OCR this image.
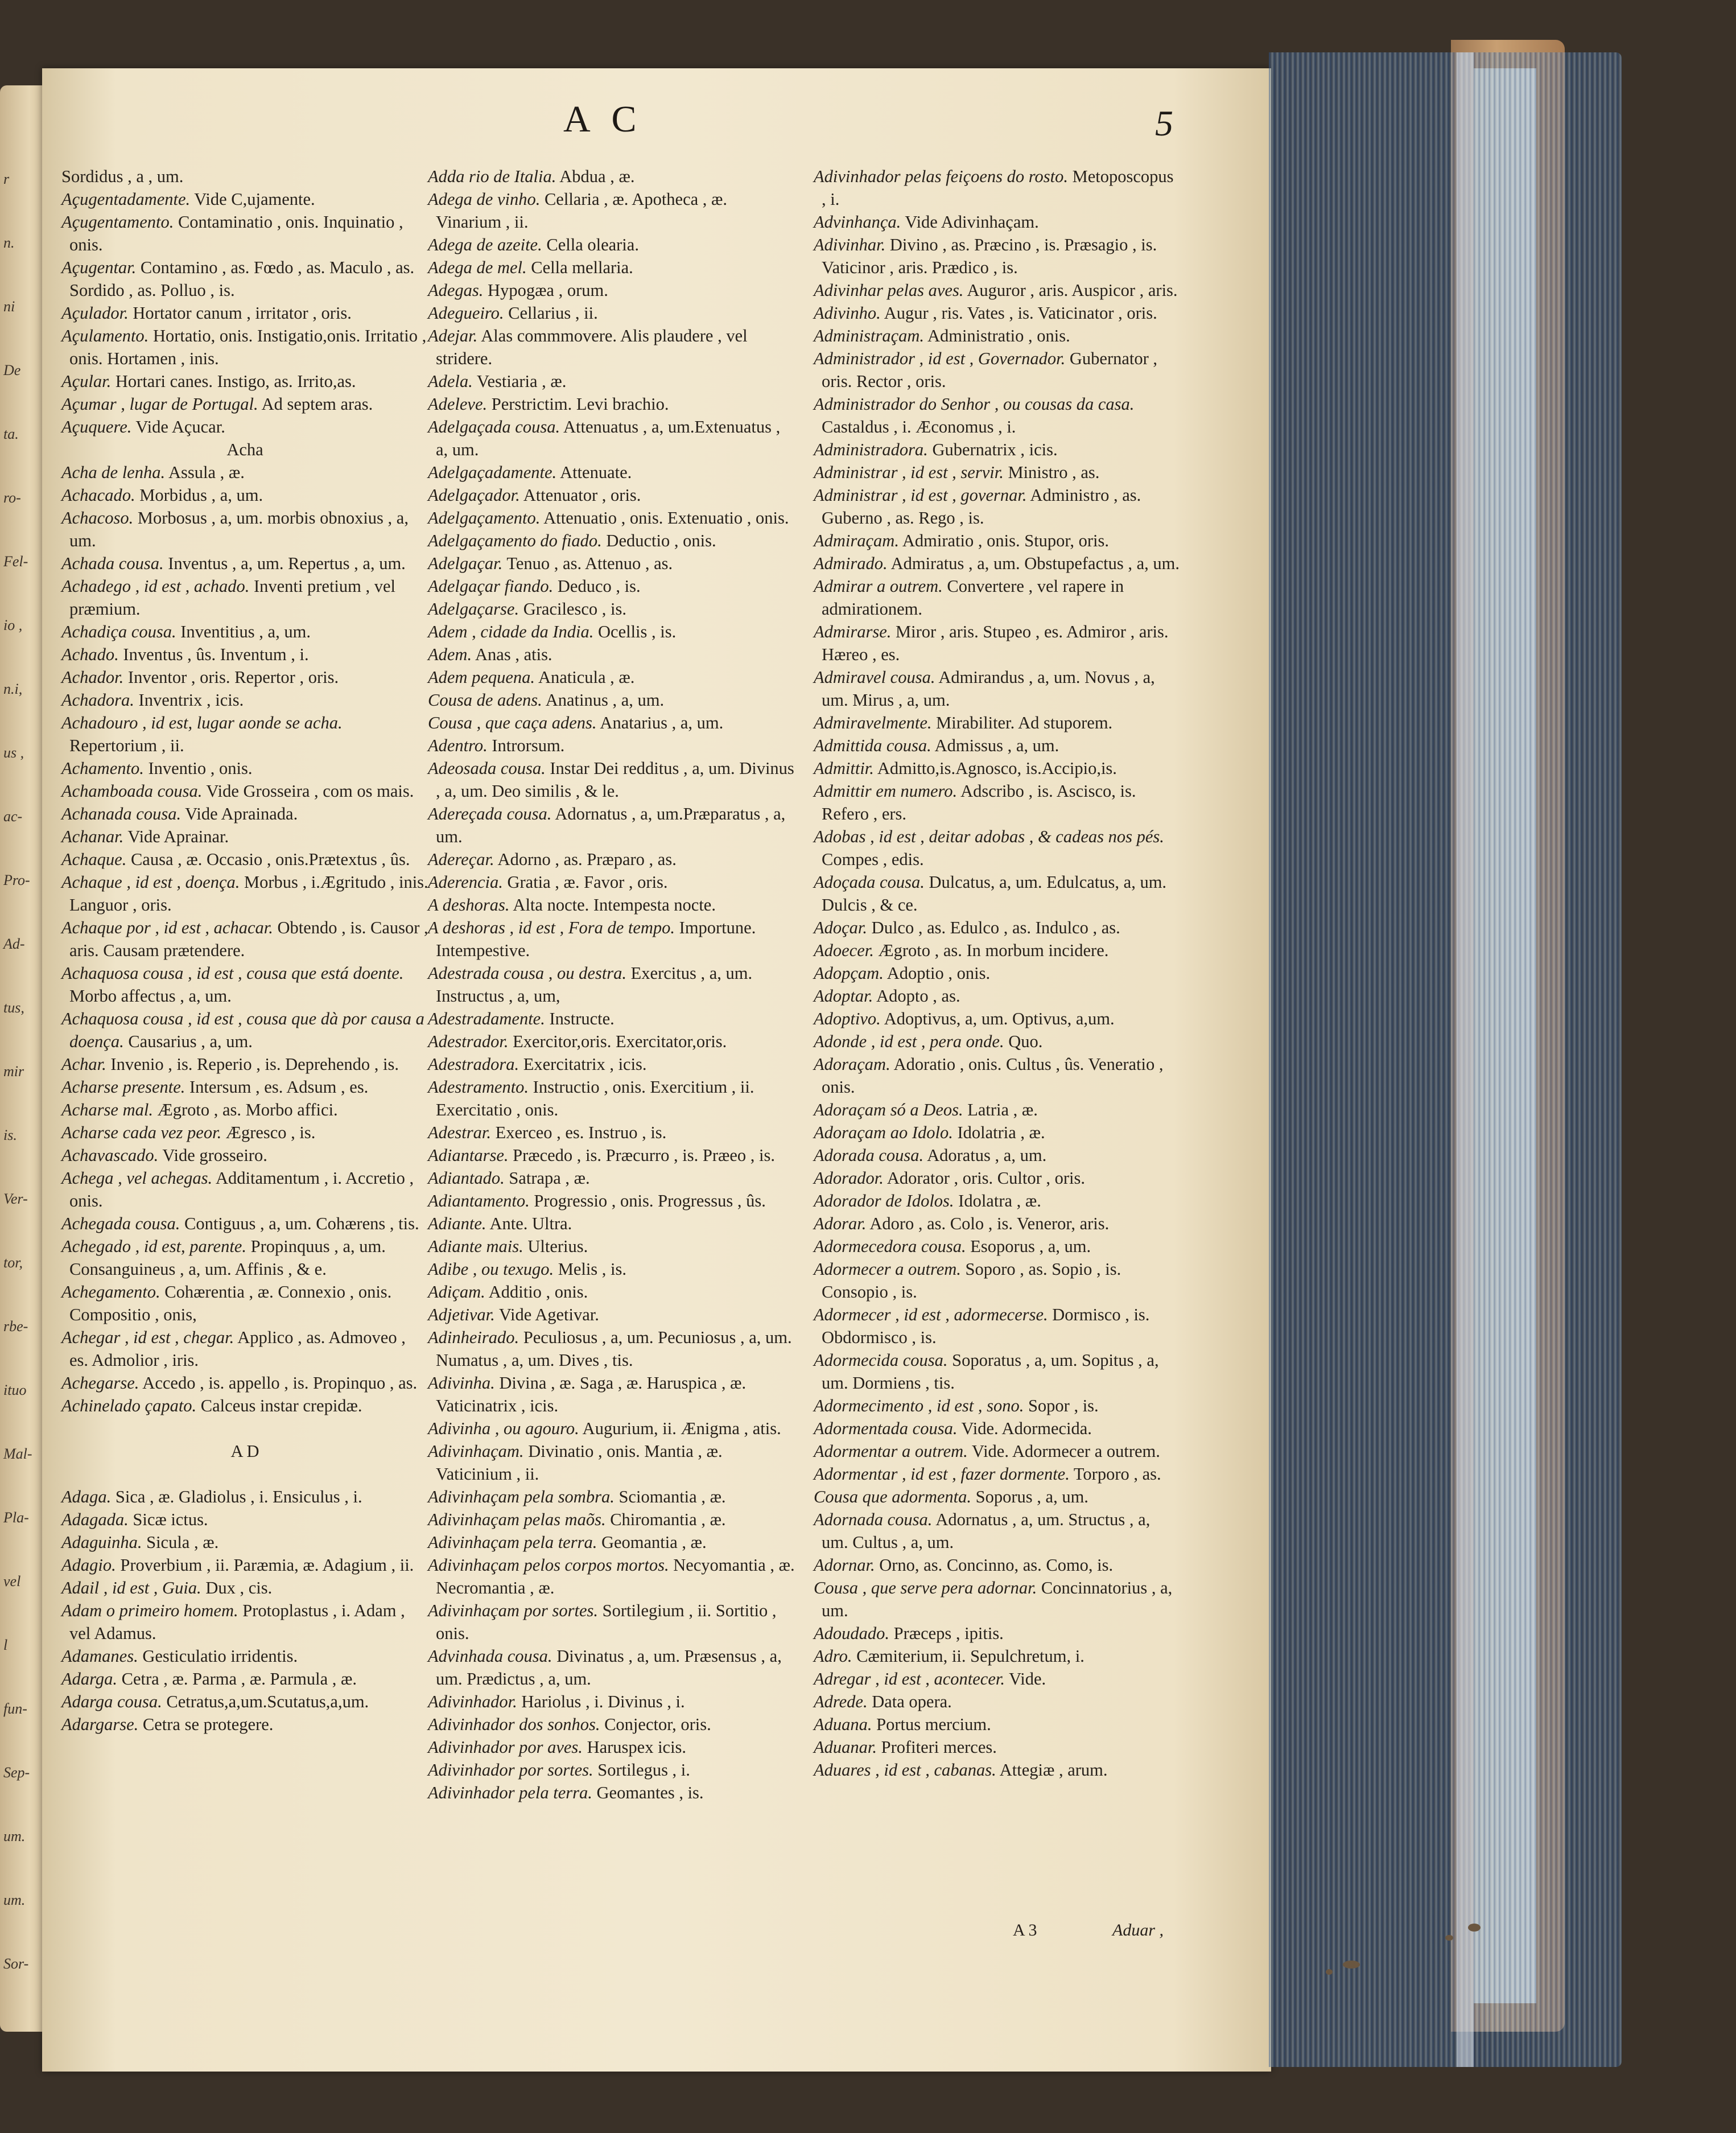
r
n.
ni
De
ta.
ro-
Fel-
io ,
n.i,
us ,
ac-
Pro-
Ad-
tus,
mir
is.
Ver-
tor,
rbe-
ituo
Mal-
Pla-
vel
l
fun-
Sep-
um.
um.
Sor-
A C	5

Sordidus , a , um.

Açugentadamente. Vide C,ujamente.

Açugentamento. Contaminatio , onis. Inquinatio , onis.

Açugentar. Contamino , as. Fœdo , as. Maculo , as. Sordido , as. Polluo , is.

Açulador. Hortator canum , irritator , oris.

Açulamento. Hortatio, onis. Instigatio,onis. Irritatio , onis. Hortamen , inis.

Açular. Hortari canes. Instigo, as. Irrito,as.

Açumar , lugar de Portugal. Ad septem aras.

Açuquere. Vide Açucar.

Acha

Acha de lenha. Assula , æ.

Achacado. Morbidus , a, um.

Achacoso. Morbosus , a, um. morbis obnoxius , a, um.

Achada cousa. Inventus , a, um. Repertus , a, um.

Achadego , id est , achado. Inventi pretium , vel præmium.

Achadiça cousa. Inventitius , a, um.

Achado. Inventus , ûs. Inventum , i.

Achador. Inventor , oris. Repertor , oris.

Achadora. Inventrix , icis.

Achadouro , id est, lugar aonde se acha. Repertorium , ii.

Achamento. Inventio , onis.

Achamboada cousa. Vide Grosseira , com os mais.

Achanada cousa. Vide Aprainada.

Achanar. Vide Aprainar.

Achaque. Causa , æ. Occasio , onis.Prætextus , ûs.

Achaque , id est , doença. Morbus , i.Ægritudo , inis. Languor , oris.

Achaque por , id est , achacar. Obtendo , is. Causor , aris. Causam prætendere.

Achaquosa cousa , id est , cousa que está doente. Morbo affectus , a, um.

Achaquosa cousa , id est , cousa que dà por causa a doença. Causarius , a, um.

Achar. Invenio , is. Reperio , is. Deprehendo , is.

Acharse presente. Intersum , es. Adsum , es.

Acharse mal. Ægroto , as. Morbo affici.

Acharse cada vez peor. Ægresco , is.

Achavascado. Vide grosseiro.

Achega , vel achegas. Additamentum , i. Accretio , onis.

Achegada cousa. Contiguus , a, um. Cohærens , tis.

Achegado , id est, parente. Propinquus , a, um. Consanguineus , a, um. Affinis , & e.

Achegamento. Cohærentia , æ. Connexio , onis. Compositio , onis,

Achegar , id est , chegar. Applico , as. Admoveo , es. Admolior , iris.

Achegarse. Accedo , is. appello , is. Propinquo , as.

Achinelado çapato. Calceus instar crepidæ.

A D

Adaga. Sica , æ. Gladiolus , i. Ensiculus , i.

Adagada. Sicæ ictus.

Adaguinha. Sicula , æ.

Adagio. Proverbium , ii. Paræmia, æ. Adagium , ii.

Adail , id est , Guia. Dux , cis.

Adam o primeiro homem. Protoplastus , i. Adam , vel Adamus.

Adamanes. Gesticulatio irridentis.

Adarga. Cetra , æ. Parma , æ. Parmula , æ.

Adarga cousa. Cetratus,a,um.Scutatus,a,um.

Adargarse. Cetra se protegere.

Adda rio de Italia. Abdua , æ.

Adega de vinho. Cellaria , æ. Apotheca , æ. Vinarium , ii.

Adega de azeite. Cella olearia.

Adega de mel. Cella mellaria.

Adegas. Hypogæa , orum.

Adegueiro. Cellarius , ii.

Adejar. Alas commmovere. Alis plaudere , vel stridere.

Adela. Vestiaria , æ.

Adeleve. Perstrictim. Levi brachio.

Adelgaçada cousa. Attenuatus , a, um.Extenuatus , a, um.

Adelgaçadamente. Attenuate.

Adelgaçador. Attenuator , oris.

Adelgaçamento. Attenuatio , onis. Extenuatio , onis.

Adelgaçamento do fiado. Deductio , onis.

Adelgaçar. Tenuo , as. Attenuo , as.

Adelgaçar fiando. Deduco , is.

Adelgaçarse. Gracilesco , is.

Adem , cidade da India. Ocellis , is.

Adem. Anas , atis.

Adem pequena. Anaticula , æ.

Cousa de adens. Anatinus , a, um.

Cousa , que caça adens. Anatarius , a, um.

Adentro. Introrsum.

Adeosada cousa. Instar Dei redditus , a, um. Divinus , a, um. Deo similis , & le.

Adereçada cousa. Adornatus , a, um.Præparatus , a, um.

Adereçar. Adorno , as. Præparo , as.

Aderencia. Gratia , æ. Favor , oris.

A deshoras. Alta nocte. Intempesta nocte.

A deshoras , id est , Fora de tempo. Importune. Intempestive.

Adestrada cousa , ou destra. Exercitus , a, um. Instructus , a, um,

Adestradamente. Instructe.

Adestrador. Exercitor,oris. Exercitator,oris.

Adestradora. Exercitatrix , icis.

Adestramento. Instructio , onis. Exercitium , ii. Exercitatio , onis.

Adestrar. Exerceo , es. Instruo , is.

Adiantarse. Præcedo , is. Præcurro , is. Præeo , is.

Adiantado. Satrapa , æ.

Adiantamento. Progressio , onis. Progressus , ûs.

Adiante. Ante. Ultra.

Adiante mais. Ulterius.

Adibe , ou texugo. Melis , is.

Adiçam. Additio , onis.

Adjetivar. Vide Agetivar.

Adinheirado. Peculiosus , a, um. Pecuniosus , a, um. Numatus , a, um. Dives , tis.

Adivinha. Divina , æ. Saga , æ. Haruspica , æ. Vaticinatrix , icis.

Adivinha , ou agouro. Augurium, ii. Ænigma , atis.

Adivinhaçam. Divinatio , onis. Mantia , æ. Vaticinium , ii.

Adivinhaçam pela sombra. Sciomantia , æ.

Adivinhaçam pelas maõs. Chiromantia , æ.

Adivinhaçam pela terra. Geomantia , æ.

Adivinhaçam pelos corpos mortos. Necyomantia , æ. Necromantia , æ.

Adivinhaçam por sortes. Sortilegium , ii. Sortitio , onis.

Advinhada cousa. Divinatus , a, um. Præsensus , a, um. Prædictus , a, um.

Adivinhador. Hariolus , i. Divinus , i.

Adivinhador dos sonhos. Conjector, oris.

Adivinhador por aves. Haruspex icis.

Adivinhador por sortes. Sortilegus , i.

Adivinhador pela terra. Geomantes , is.

Adivinhador pelas feiçoens do rosto. Metoposcopus , i.

Advinhança. Vide Adivinhaçam.

Adivinhar. Divino , as. Præcino , is. Præsagio , is. Vaticinor , aris. Prædico , is.

Adivinhar pelas aves. Auguror , aris. Auspicor , aris.

Adivinho. Augur , ris. Vates , is. Vaticinator , oris.

Administraçam. Administratio , onis.

Administrador , id est , Governador. Gubernator , oris. Rector , oris.

Administrador do Senhor , ou cousas da casa. Castaldus , i. Æconomus , i.

Administradora. Gubernatrix , icis.

Administrar , id est , servir. Ministro , as.

Administrar , id est , governar. Administro , as. Guberno , as. Rego , is.

Admiraçam. Admiratio , onis. Stupor, oris.

Admirado. Admiratus , a, um. Obstupefactus , a, um.

Admirar a outrem. Convertere , vel rapere in admirationem.

Admirarse. Miror , aris. Stupeo , es. Admiror , aris. Hæreo , es.

Admiravel cousa. Admirandus , a, um. Novus , a, um. Mirus , a, um.

Admiravelmente. Mirabiliter. Ad stuporem.

Admittida cousa. Admissus , a, um.

Admittir. Admitto,is.Agnosco, is.Accipio,is.

Admittir em numero. Adscribo , is. Ascisco, is. Refero , ers.

Adobas , id est , deitar adobas , & cadeas nos pés. Compes , edis.

Adoçada cousa. Dulcatus, a, um. Edulcatus, a, um. Dulcis , & ce.

Adoçar. Dulco , as. Edulco , as. Indulco , as.

Adoecer. Ægroto , as. In morbum incidere.

Adopçam. Adoptio , onis.

Adoptar. Adopto , as.

Adoptivo. Adoptivus, a, um. Optivus, a,um.

Adonde , id est , pera onde. Quo.

Adoraçam. Adoratio , onis. Cultus , ûs. Veneratio , onis.

Adoraçam só a Deos. Latria , æ.

Adoraçam ao Idolo. Idolatria , æ.

Adorada cousa. Adoratus , a, um.

Adorador. Adorator , oris. Cultor , oris.

Adorador de Idolos. Idolatra , æ.

Adorar. Adoro , as. Colo , is. Veneror, aris.

Adormecedora cousa. Esoporus , a, um.

Adormecer a outrem. Soporo , as. Sopio , is. Consopio , is.

Adormecer , id est , adormecerse. Dormisco , is. Obdormisco , is.

Adormecida cousa. Soporatus , a, um. Sopitus , a, um. Dormiens , tis.

Adormecimento , id est , sono. Sopor , is.

Adormentada cousa. Vide. Adormecida.

Adormentar a outrem. Vide. Adormecer a outrem.

Adormentar , id est , fazer dormente. Torporo , as.

Cousa que adormenta. Soporus , a, um.

Adornada cousa. Adornatus , a, um. Structus , a, um. Cultus , a, um.

Adornar. Orno, as. Concinno, as. Como, is.

Cousa , que serve pera adornar. Concinnatorius , a, um.

Adoudado. Præceps , ipitis.

Adro. Cæmiterium, ii. Sepulchretum, i.

Adregar , id est , acontecer. Vide.

Adrede. Data opera.

Aduana. Portus mercium.

Aduanar. Profiteri merces.

Aduares , id est , cabanas. Attegiæ , arum.

A 3	Aduar ,
